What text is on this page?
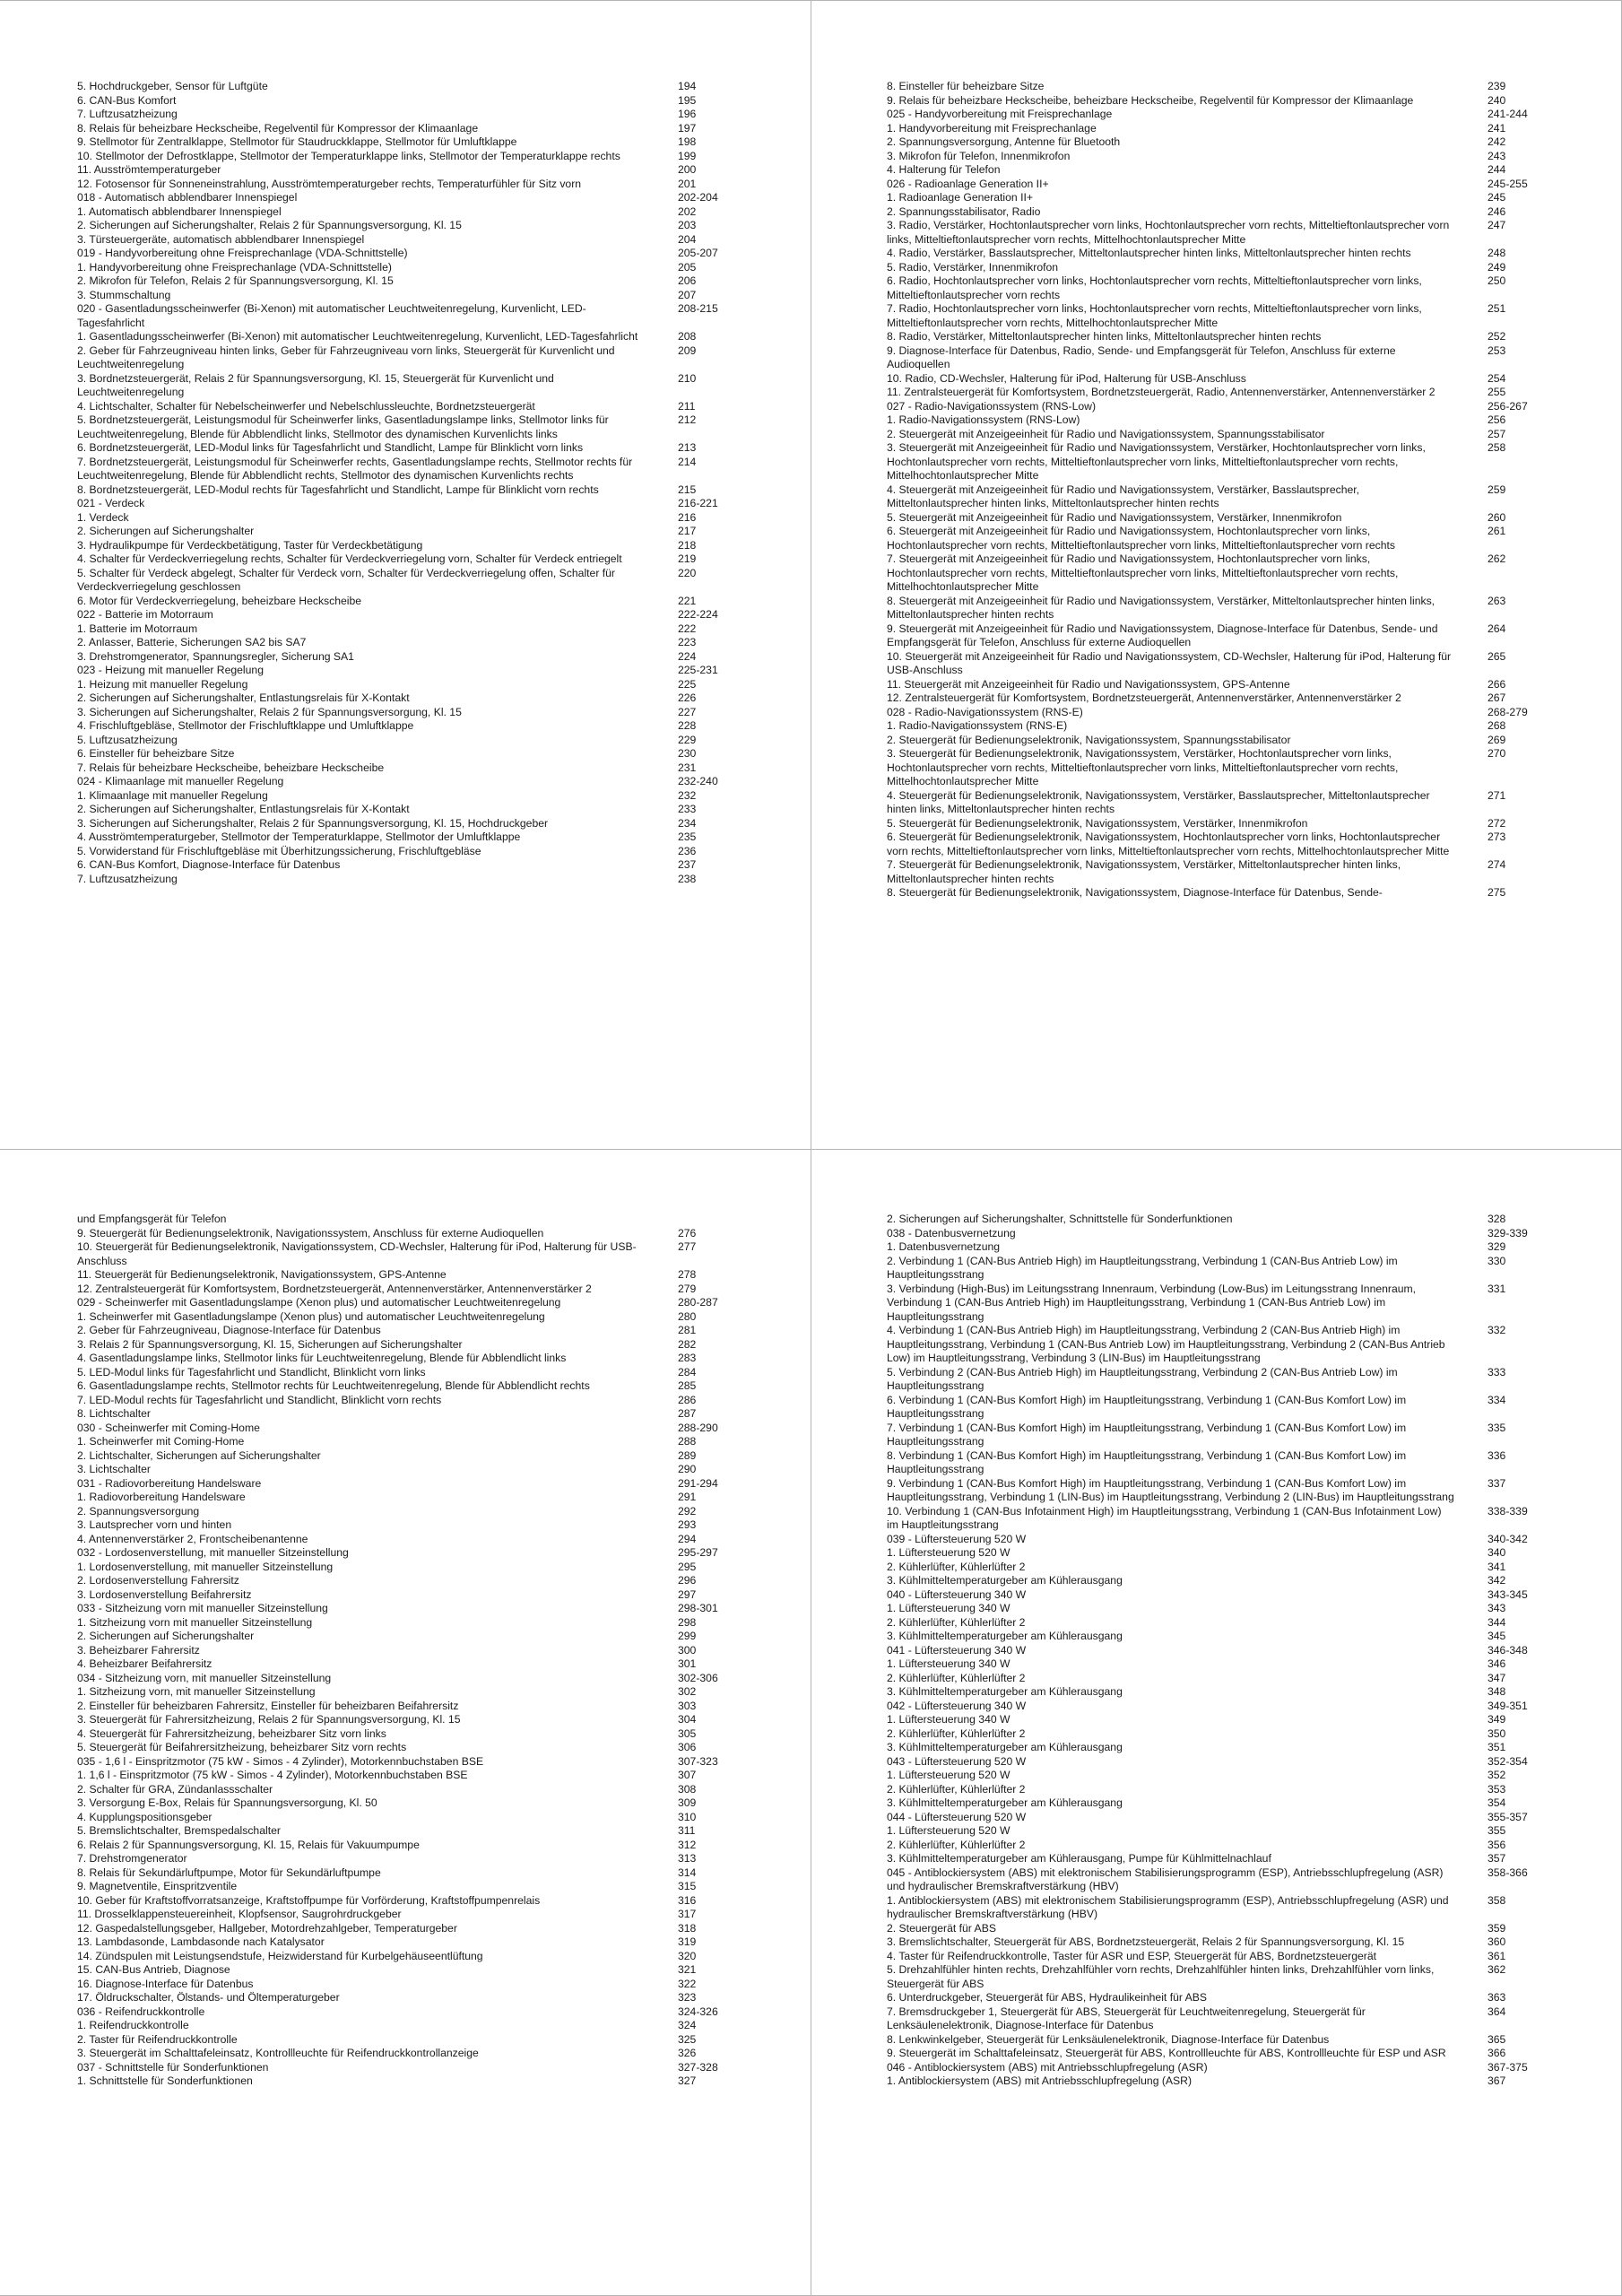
5. Hochdruckgeber, Sensor für Luftgüte	194
6. CAN-Bus Komfort	195
7. Luftzusatzheizung	196
8. Relais für beheizbare Heckscheibe, Regelventil für Kompressor der Klimaanlage	197
9. Stellmotor für Zentralklappe, Stellmotor für Staudruckklappe, Stellmotor für Umluftklappe	198
10. Stellmotor der Defrostklappe, Stellmotor der Temperaturklappe links, Stellmotor der Temperaturklappe rechts	199
11. Ausströmtemperaturgeber	200
12. Fotosensor für Sonneneinstrahlung, Ausströmtemperaturgeber rechts, Temperaturfühler für Sitz vorn	201
018 - Automatisch abblendbarer Innenspiegel	202-204
1. Automatisch abblendbarer Innenspiegel	202
2. Sicherungen auf Sicherungshalter, Relais 2 für Spannungsversorgung, Kl. 15	203
3. Türsteuergeräte, automatisch abblendbarer Innenspiegel	204
019 - Handyvorbereitung ohne Freisprechanlage (VDA-Schnittstelle)	205-207
1. Handyvorbereitung ohne Freisprechanlage (VDA-Schnittstelle)	205
2. Mikrofon für Telefon, Relais 2 für Spannungsversorgung, Kl. 15	206
3. Stummschaltung	207
020 - Gasentladungsscheinwerfer (Bi-Xenon) mit automatischer Leuchtweitenregelung, Kurvenlicht, LED-Tagesfahrlicht
208-215
1. Gasentladungsscheinwerfer (Bi-Xenon) mit automatischer Leuchtweitenregelung, Kurvenlicht, LED-Tagesfahrlicht	208
2. Geber für Fahrzeugniveau hinten links, Geber für Fahrzeugniveau vorn links, Steuergerät für Kurvenlicht und Leuchtweitenregelung
209
3. Bordnetzsteuergerät, Relais 2 für Spannungsversorgung, Kl. 15, Steuergerät für Kurvenlicht und Leuchtweitenregelung
210
4. Lichtschalter, Schalter für Nebelscheinwerfer und Nebelschlussleuchte, Bordnetzsteuergerät	211
5. Bordnetzsteuergerät, Leistungsmodul für Scheinwerfer links, Gasentladungslampe links, Stellmotor links für Leuchtweitenregelung, Blende für Abblendlicht links, Stellmotor des dynamischen Kurvenlichts links
212
6. Bordnetzsteuergerät, LED-Modul links für Tagesfahrlicht und Standlicht, Lampe für Blinklicht vorn links	213
7. Bordnetzsteuergerät, Leistungsmodul für Scheinwerfer rechts, Gasentladungslampe rechts, Stellmotor rechts für Leuchtweitenregelung, Blende für Abblendlicht rechts, Stellmotor des dynamischen Kurvenlichts rechts
214
8. Bordnetzsteuergerät, LED-Modul rechts für Tagesfahrlicht und Standlicht, Lampe für Blinklicht vorn rechts	215
021 - Verdeck	216-221
1. Verdeck	216
2. Sicherungen auf Sicherungshalter	217
3. Hydraulikpumpe für Verdeckbetätigung, Taster für Verdeckbetätigung	218
4. Schalter für Verdeckverriegelung rechts, Schalter für Verdeckverriegelung vorn, Schalter für Verdeck entriegelt	219
5. Schalter für Verdeck abgelegt, Schalter für Verdeck vorn, Schalter für Verdeckverriegelung offen, Schalter für Verdeckverriegelung geschlossen
220
6. Motor für Verdeckverriegelung, beheizbare Heckscheibe	221
022 - Batterie im Motorraum	222-224
1. Batterie im Motorraum	222
2. Anlasser, Batterie, Sicherungen SA2 bis SA7	223
3. Drehstromgenerator, Spannungsregler, Sicherung SA1	224
023 - Heizung mit manueller Regelung	225-231
1. Heizung mit manueller Regelung	225
2. Sicherungen auf Sicherungshalter, Entlastungsrelais für X-Kontakt	226
3. Sicherungen auf Sicherungshalter, Relais 2 für Spannungsversorgung, Kl. 15	227
4. Frischluftgebläse, Stellmotor der Frischluftklappe und Umluftklappe	228
5. Luftzusatzheizung	229
6. Einsteller für beheizbare Sitze	230
7. Relais für beheizbare Heckscheibe, beheizbare Heckscheibe	231
024 - Klimaanlage mit manueller Regelung	232-240
1. Klimaanlage mit manueller Regelung	232
2. Sicherungen auf Sicherungshalter, Entlastungsrelais für X-Kontakt	233
3. Sicherungen auf Sicherungshalter, Relais 2 für Spannungsversorgung, Kl. 15, Hochdruckgeber	234
4. Ausströmtemperaturgeber, Stellmotor der Temperaturklappe, Stellmotor der Umluftklappe	235
5. Vorwiderstand für Frischluftgebläse mit Überhitzungssicherung, Frischluftgebläse	236
6. CAN-Bus Komfort, Diagnose-Interface für Datenbus	237
7. Luftzusatzheizung	238
8. Einsteller für beheizbare Sitze	239
9. Relais für beheizbare Heckscheibe, beheizbare Heckscheibe, Regelventil für Kompressor der Klimaanlage	240
025 - Handyvorbereitung mit Freisprechanlage	241-244
1. Handyvorbereitung mit Freisprechanlage	241
2. Spannungsversorgung, Antenne für Bluetooth	242
3. Mikrofon für Telefon, Innenmikrofon	243
4. Halterung für Telefon	244
026 - Radioanlage Generation II+	245-255
1. Radioanlage Generation II+	245
2. Spannungsstabilisator, Radio	246
3. Radio, Verstärker, Hochtonlautsprecher vorn links, Hochtonlautsprecher vorn rechts, Mitteltieftonlautsprecher vorn links, Mitteltieftonlautsprecher vorn rechts, Mittelhochtonlautsprecher Mitte
247
4. Radio, Verstärker, Basslautsprecher, Mitteltonlautsprecher hinten links, Mitteltonlautsprecher hinten rechts	248
5. Radio, Verstärker, Innenmikrofon	249
6. Radio, Hochtonlautsprecher vorn links, Hochtonlautsprecher vorn rechts, Mitteltieftonlautsprecher vorn links, Mitteltieftonlautsprecher vorn rechts
250
7. Radio, Hochtonlautsprecher vorn links, Hochtonlautsprecher vorn rechts, Mitteltieftonlautsprecher vorn links, Mitteltieftonlautsprecher vorn rechts, Mittelhochtonlautsprecher Mitte
251
8. Radio, Verstärker, Mitteltonlautsprecher hinten links, Mitteltonlautsprecher hinten rechts	252
9. Diagnose-Interface für Datenbus, Radio, Sende- und Empfangsgerät für Telefon, Anschluss für externe Audioquellen
253
10. Radio, CD-Wechsler, Halterung für iPod, Halterung für USB-Anschluss	254
11. Zentralsteuergerät für Komfortsystem, Bordnetzsteuergerät, Radio, Antennenverstärker, Antennenverstärker 2	255
027 - Radio-Navigationssystem (RNS-Low)	256-267
1. Radio-Navigationssystem (RNS-Low)	256
2. Steuergerät mit Anzeigeeinheit für Radio und Navigationssystem, Spannungsstabilisator	257
3. Steuergerät mit Anzeigeeinheit für Radio und Navigationssystem, Verstärker, Hochtonlautsprecher vorn links, Hochtonlautsprecher vorn rechts, Mitteltieftonlautsprecher vorn links, Mitteltieftonlautsprecher vorn rechts, Mittelhochtonlautsprecher Mitte
258
4. Steuergerät mit Anzeigeeinheit für Radio und Navigationssystem, Verstärker, Basslautsprecher, Mitteltonlautsprecher hinten links, Mitteltonlautsprecher hinten rechts
259
5. Steuergerät mit Anzeigeeinheit für Radio und Navigationssystem, Verstärker, Innenmikrofon	260
6. Steuergerät mit Anzeigeeinheit für Radio und Navigationssystem, Hochtonlautsprecher vorn links, Hochtonlautsprecher vorn rechts, Mitteltieftonlautsprecher vorn links, Mitteltieftonlautsprecher vorn rechts
261
7. Steuergerät mit Anzeigeeinheit für Radio und Navigationssystem, Hochtonlautsprecher vorn links, Hochtonlautsprecher vorn rechts, Mitteltieftonlautsprecher vorn links, Mitteltieftonlautsprecher vorn rechts, Mittelhochtonlautsprecher Mitte
262
8. Steuergerät mit Anzeigeeinheit für Radio und Navigationssystem, Verstärker, Mitteltonlautsprecher hinten links, Mitteltonlautsprecher hinten rechts
263
9. Steuergerät mit Anzeigeeinheit für Radio und Navigationssystem, Diagnose-Interface für Datenbus, Sende- und Empfangsgerät für Telefon, Anschluss für externe Audioquellen
264
10. Steuergerät mit Anzeigeeinheit für Radio und Navigationssystem, CD-Wechsler, Halterung für iPod, Halterung für USB-Anschluss
265
11. Steuergerät mit Anzeigeeinheit für Radio und Navigationssystem, GPS-Antenne	266
12. Zentralsteuergerät für Komfortsystem, Bordnetzsteuergerät, Antennenverstärker, Antennenverstärker 2	267
028 - Radio-Navigationssystem (RNS-E)	268-279
1. Radio-Navigationssystem (RNS-E)	268
2. Steuergerät für Bedienungselektronik, Navigationssystem, Spannungsstabilisator	269
3. Steuergerät für Bedienungselektronik, Navigationssystem, Verstärker, Hochtonlautsprecher vorn links, Hochtonlautsprecher vorn rechts, Mitteltieftonlautsprecher vorn links, Mitteltieftonlautsprecher vorn rechts, Mittelhochtonlautsprecher Mitte
270
4. Steuergerät für Bedienungselektronik, Navigationssystem, Verstärker, Basslautsprecher, Mitteltonlautsprecher hinten links, Mitteltonlautsprecher hinten rechts
271
5. Steuergerät für Bedienungselektronik, Navigationssystem, Verstärker, Innenmikrofon	272
6. Steuergerät für Bedienungselektronik, Navigationssystem, Hochtonlautsprecher vorn links, Hochtonlautsprecher vorn rechts, Mitteltieftonlautsprecher vorn links, Mitteltieftonlautsprecher vorn rechts, Mittelhochtonlautsprecher Mitte
273
7. Steuergerät für Bedienungselektronik, Navigationssystem, Verstärker, Mitteltonlautsprecher hinten links, Mitteltonlautsprecher hinten rechts
274
8. Steuergerät für Bedienungselektronik, Navigationssystem, Diagnose-Interface für Datenbus, Sende-	275
und Empfangsgerät für Telefon
9. Steuergerät für Bedienungselektronik, Navigationssystem, Anschluss für externe Audioquellen	276
10. Steuergerät für Bedienungselektronik, Navigationssystem, CD-Wechsler, Halterung für iPod, Halterung für USB-Anschluss
277
11. Steuergerät für Bedienungselektronik, Navigationssystem, GPS-Antenne	278
12. Zentralsteuergerät für Komfortsystem, Bordnetzsteuergerät, Antennenverstärker, Antennenverstärker 2	279
029 - Scheinwerfer mit Gasentladungslampe (Xenon plus) und automatischer Leuchtweitenregelung	280-287
1. Scheinwerfer mit Gasentladungslampe (Xenon plus) und automatischer Leuchtweitenregelung	280
2. Geber für Fahrzeugniveau, Diagnose-Interface für Datenbus	281
3. Relais 2 für Spannungsversorgung, Kl. 15, Sicherungen auf Sicherungshalter	282
4. Gasentladungslampe links, Stellmotor links für Leuchtweitenregelung, Blende für Abblendlicht links	283
5. LED-Modul links für Tagesfahrlicht und Standlicht, Blinklicht vorn links	284
6. Gasentladungslampe rechts, Stellmotor rechts für Leuchtweitenregelung, Blende für Abblendlicht rechts	285
7. LED-Modul rechts für Tagesfahrlicht und Standlicht, Blinklicht vorn rechts	286
8. Lichtschalter	287
030 - Scheinwerfer mit Coming-Home	288-290
1. Scheinwerfer mit Coming-Home	288
2. Lichtschalter, Sicherungen auf Sicherungshalter	289
3. Lichtschalter	290
031 - Radiovorbereitung Handelsware	291-294
1. Radiovorbereitung Handelsware	291
2. Spannungsversorgung	292
3. Lautsprecher vorn und hinten	293
4. Antennenverstärker 2, Frontscheibenantenne	294
032 - Lordosenverstellung, mit manueller Sitzeinstellung	295-297
1. Lordosenverstellung, mit manueller Sitzeinstellung	295
2. Lordosenverstellung Fahrersitz	296
3. Lordosenverstellung Beifahrersitz	297
033 - Sitzheizung vorn mit manueller Sitzeinstellung	298-301
1. Sitzheizung vorn mit manueller Sitzeinstellung	298
2. Sicherungen auf Sicherungshalter	299
3. Beheizbarer Fahrersitz	300
4. Beheizbarer Beifahrersitz	301
034 - Sitzheizung vorn, mit manueller Sitzeinstellung	302-306
1. Sitzheizung vorn, mit manueller Sitzeinstellung	302
2. Einsteller für beheizbaren Fahrersitz, Einsteller für beheizbaren Beifahrersitz	303
3. Steuergerät für Fahrersitzheizung, Relais 2 für Spannungsversorgung, Kl. 15	304
4. Steuergerät für Fahrersitzheizung, beheizbarer Sitz vorn links	305
5. Steuergerät für Beifahrersitzheizung, beheizbarer Sitz vorn rechts	306
035 - 1,6 l - Einspritzmotor (75 kW - Simos - 4 Zylinder), Motorkennbuchstaben BSE	307-323
1. 1,6 l - Einspritzmotor (75 kW - Simos - 4 Zylinder), Motorkennbuchstaben BSE	307
2. Schalter für GRA, Zündanlassschalter	308
3. Versorgung E-Box, Relais für Spannungsversorgung, Kl. 50	309
4. Kupplungspositionsgeber	310
5. Bremslichtschalter, Bremspedalschalter	311
6. Relais 2 für Spannungsversorgung, Kl. 15, Relais für Vakuumpumpe	312
7. Drehstromgenerator	313
8. Relais für Sekundärluftpumpe, Motor für Sekundärluftpumpe	314
9. Magnetventile, Einspritzventile	315
10. Geber für Kraftstoffvorratsanzeige, Kraftstoffpumpe für Vorförderung, Kraftstoffpumpenrelais	316
11. Drosselklappensteuereinheit, Klopfsensor, Saugrohrdruckgeber	317
12. Gaspedalstellungsgeber, Hallgeber, Motordrehzahlgeber, Temperaturgeber	318
13. Lambdasonde, Lambdasonde nach Katalysator	319
14. Zündspulen mit Leistungsendstufe, Heizwiderstand für Kurbelgehäuseentlüftung	320
15. CAN-Bus Antrieb, Diagnose	321
16. Diagnose-Interface für Datenbus	322
17. Öldruckschalter, Ölstands- und Öltemperaturgeber	323
036 - Reifendruckkontrolle	324-326
1. Reifendruckkontrolle	324
2. Taster für Reifendruckkontrolle	325
3. Steuergerät im Schalttafeleinsatz, Kontrollleuchte für Reifendruckkontrollanzeige	326
037 - Schnittstelle für Sonderfunktionen	327-328
1. Schnittstelle für Sonderfunktionen	327
2. Sicherungen auf Sicherungshalter, Schnittstelle für Sonderfunktionen	328
038 - Datenbusvernetzung	329-339
1. Datenbusvernetzung	329
2. Verbindung 1 (CAN-Bus Antrieb High) im Hauptleitungsstrang, Verbindung 1 (CAN-Bus Antrieb Low) im Hauptleitungsstrang
330
3. Verbindung (High-Bus) im Leitungsstrang Innenraum, Verbindung (Low-Bus) im Leitungsstrang Innenraum, Verbindung 1 (CAN-Bus Antrieb High) im Hauptleitungsstrang, Verbindung 1 (CAN-Bus Antrieb Low) im Hauptleitungsstrang
331
4. Verbindung 1 (CAN-Bus Antrieb High) im Hauptleitungsstrang, Verbindung 2 (CAN-Bus Antrieb High) im Hauptleitungsstrang, Verbindung 1 (CAN-Bus Antrieb Low) im Hauptleitungsstrang, Verbindung 2 (CAN-Bus Antrieb Low) im Hauptleitungsstrang, Verbindung 3 (LIN-Bus) im Hauptleitungsstrang
332
5. Verbindung 2 (CAN-Bus Antrieb High) im Hauptleitungsstrang, Verbindung 2 (CAN-Bus Antrieb Low) im Hauptleitungsstrang
333
6. Verbindung 1 (CAN-Bus Komfort High) im Hauptleitungsstrang, Verbindung 1 (CAN-Bus Komfort Low) im Hauptleitungsstrang
334
7. Verbindung 1 (CAN-Bus Komfort High) im Hauptleitungsstrang, Verbindung 1 (CAN-Bus Komfort Low) im Hauptleitungsstrang
335
8. Verbindung 1 (CAN-Bus Komfort High) im Hauptleitungsstrang, Verbindung 1 (CAN-Bus Komfort Low) im Hauptleitungsstrang
336
9. Verbindung 1 (CAN-Bus Komfort High) im Hauptleitungsstrang, Verbindung 1 (CAN-Bus Komfort Low) im Hauptleitungsstrang, Verbindung 1 (LIN-Bus) im Hauptleitungsstrang, Verbindung 2 (LIN-Bus) im Hauptleitungsstrang
337
10. Verbindung 1 (CAN-Bus Infotainment High) im Hauptleitungsstrang, Verbindung 1 (CAN-Bus Infotainment Low) im Hauptleitungsstrang
338-339
039 - Lüftersteuerung 520 W	340-342
1. Lüftersteuerung 520 W	340
2. Kühlerlüfter, Kühlerlüfter 2	341
3. Kühlmitteltemperaturgeber am Kühlerausgang	342
040 - Lüftersteuerung 340 W	343-345
1. Lüftersteuerung 340 W	343
2. Kühlerlüfter, Kühlerlüfter 2	344
3. Kühlmitteltemperaturgeber am Kühlerausgang	345
041 - Lüftersteuerung 340 W	346-348
1. Lüftersteuerung 340 W	346
2. Kühlerlüfter, Kühlerlüfter 2	347
3. Kühlmitteltemperaturgeber am Kühlerausgang	348
042 - Lüftersteuerung 340 W	349-351
1. Lüftersteuerung 340 W	349
2. Kühlerlüfter, Kühlerlüfter 2	350
3. Kühlmitteltemperaturgeber am Kühlerausgang	351
043 - Lüftersteuerung 520 W	352-354
1. Lüftersteuerung 520 W	352
2. Kühlerlüfter, Kühlerlüfter 2	353
3. Kühlmitteltemperaturgeber am Kühlerausgang	354
044 - Lüftersteuerung 520 W	355-357
1. Lüftersteuerung 520 W	355
2. Kühlerlüfter, Kühlerlüfter 2	356
3. Kühlmitteltemperaturgeber am Kühlerausgang, Pumpe für Kühlmittelnachlauf	357
045 - Antiblockiersystem (ABS) mit elektronischem Stabilisierungsprogramm (ESP), Antriebsschlupfregelung (ASR) und hydraulischer Bremskraftverstärkung (HBV)
358-366
1. Antiblockiersystem (ABS) mit elektronischem Stabilisierungsprogramm (ESP), Antriebsschlupfregelung (ASR) und hydraulischer Bremskraftverstärkung (HBV)
358
2. Steuergerät für ABS	359
3. Bremslichtschalter, Steuergerät für ABS, Bordnetzsteuergerät, Relais 2 für Spannungsversorgung, Kl. 15	360
4. Taster für Reifendruckkontrolle, Taster für ASR und ESP, Steuergerät für ABS, Bordnetzsteuergerät	361
5. Drehzahlfühler hinten rechts, Drehzahlfühler vorn rechts, Drehzahlfühler hinten links, Drehzahlfühler vorn links, Steuergerät für ABS
362
6. Unterdruckgeber, Steuergerät für ABS, Hydraulikeinheit für ABS	363
7. Bremsdruckgeber 1, Steuergerät für ABS, Steuergerät für Leuchtweitenregelung, Steuergerät für Lenksäulenelektronik, Diagnose-Interface für Datenbus
364
8. Lenkwinkelgeber, Steuergerät für Lenksäulenelektronik, Diagnose-Interface für Datenbus	365
9. Steuergerät im Schalttafeleinsatz, Steuergerät für ABS, Kontrollleuchte für ABS, Kontrollleuchte für ESP und ASR	366
046 - Antiblockiersystem (ABS) mit Antriebsschlupfregelung (ASR)	367-375
1. Antiblockiersystem (ABS) mit Antriebsschlupfregelung (ASR)	367
